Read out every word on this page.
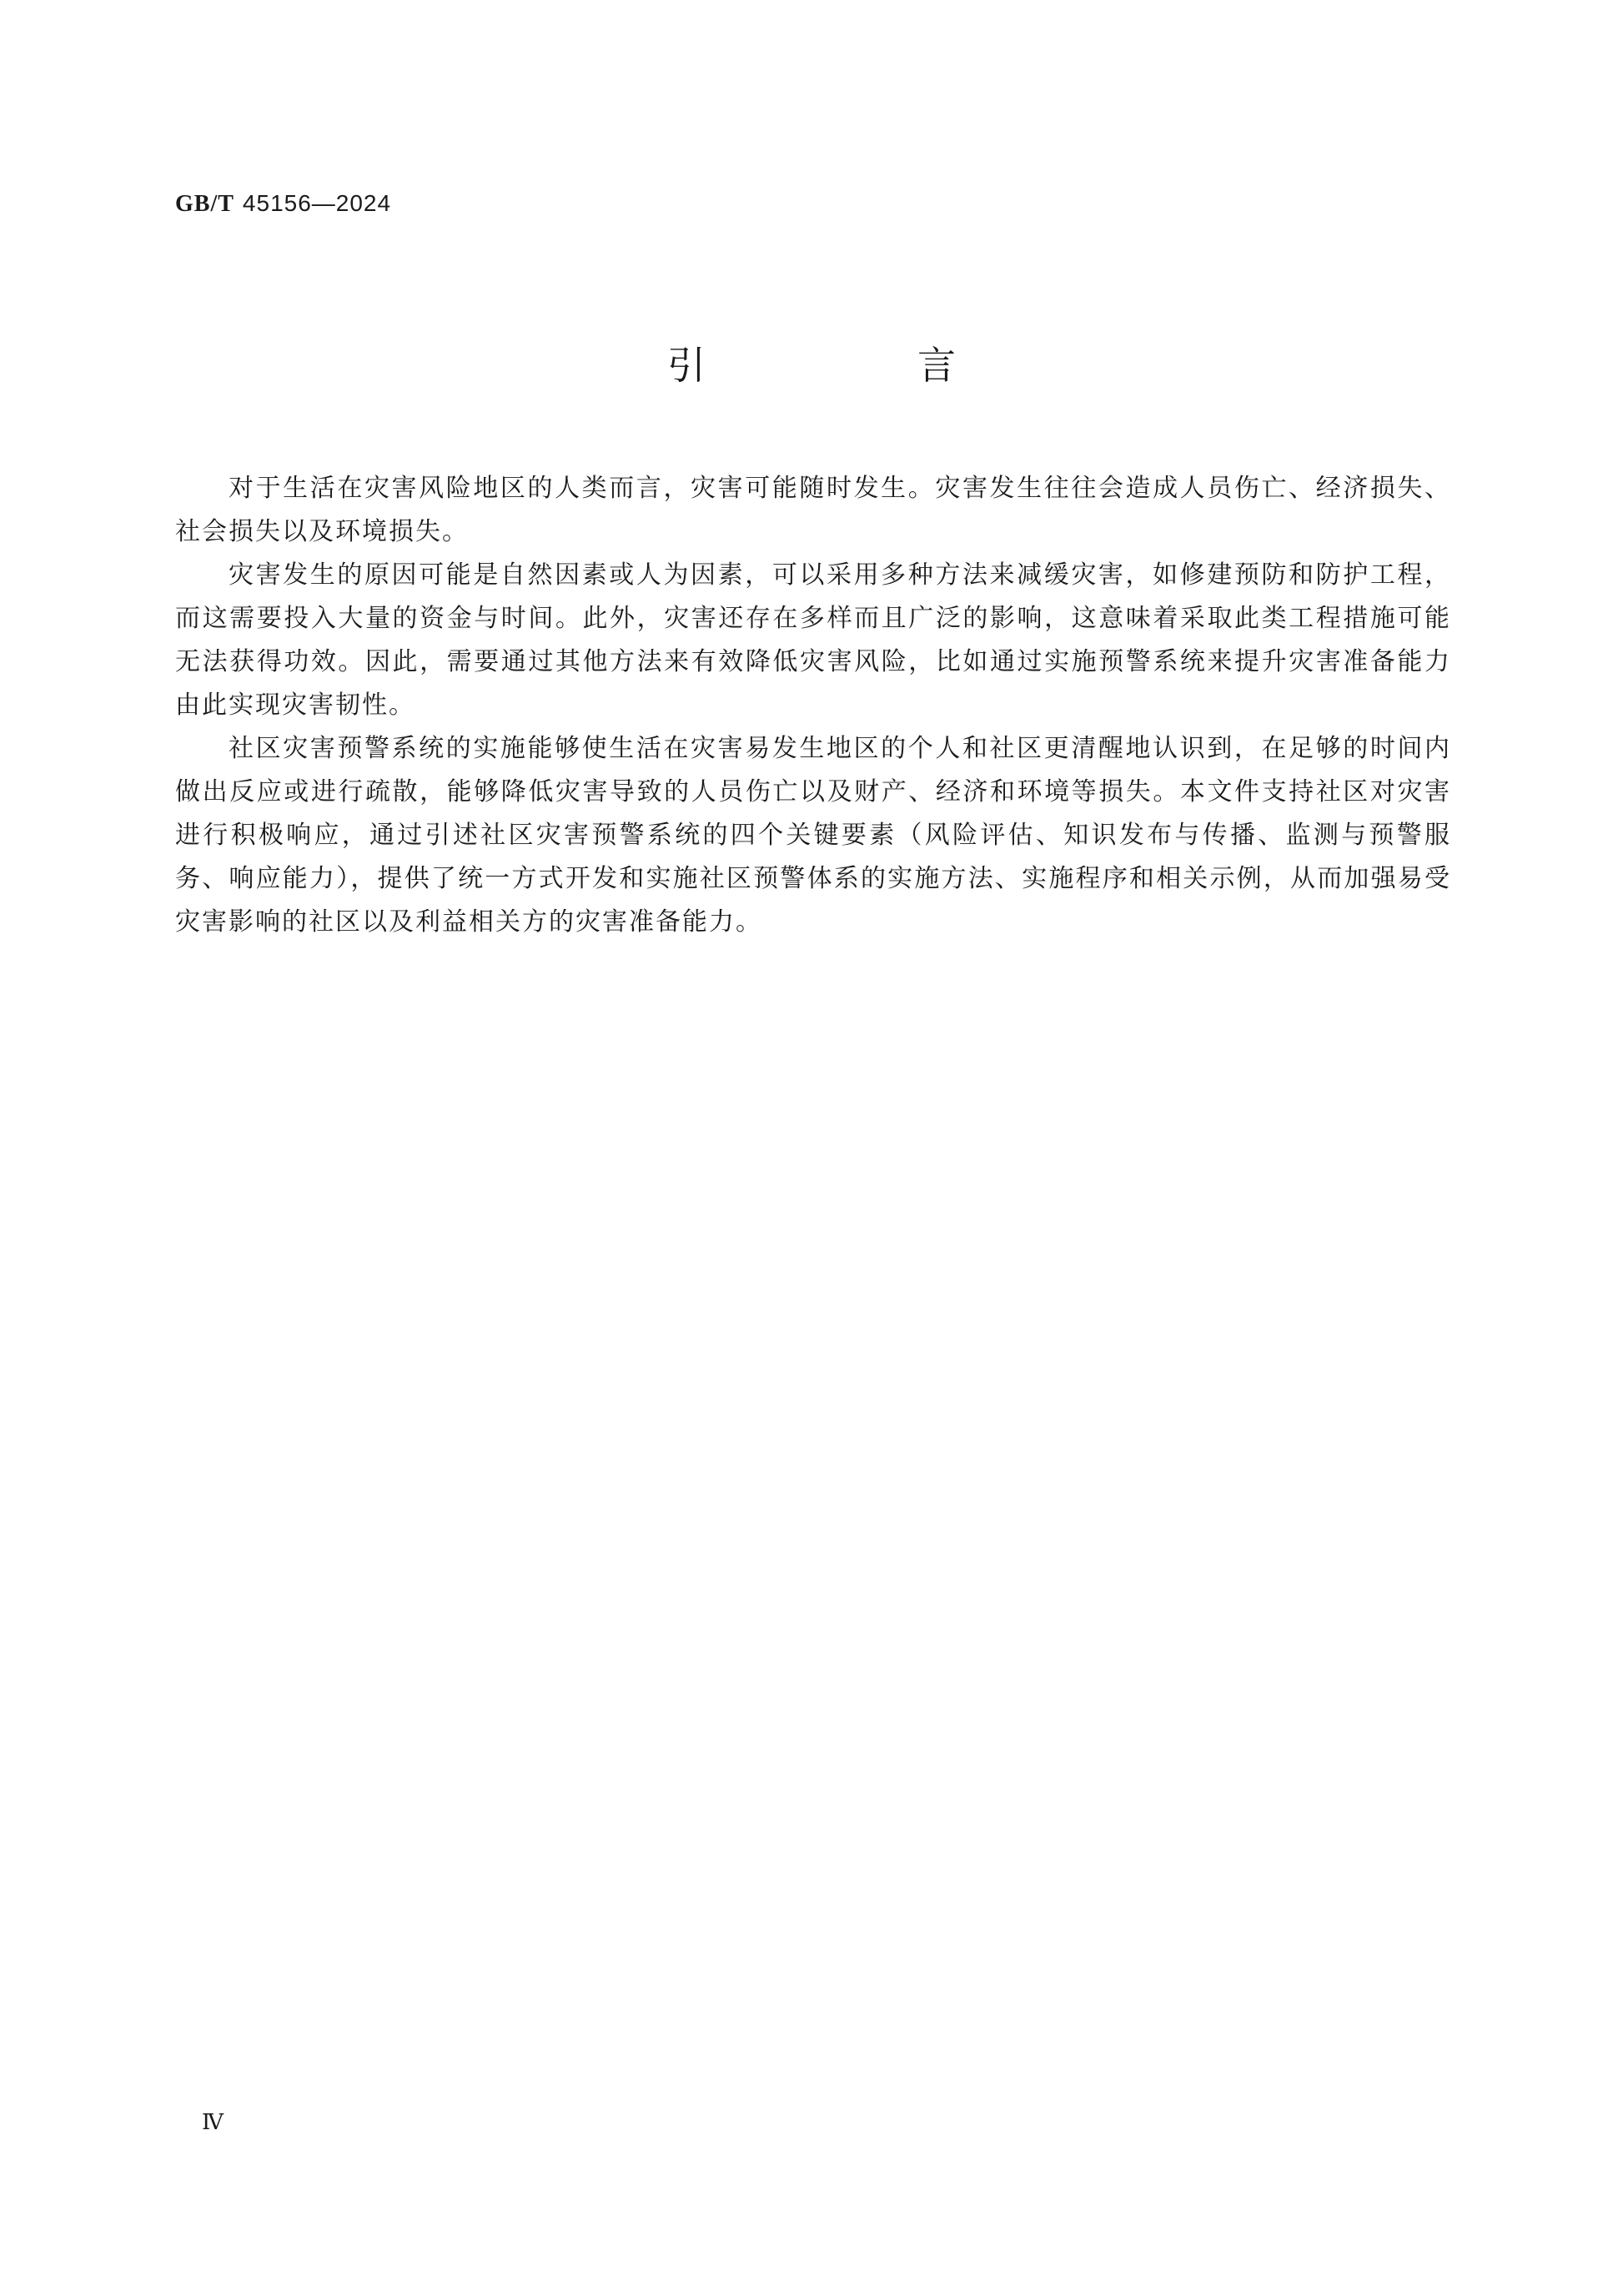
GB/T 45156—2024
引　言

对于生活在灾害风险地区的人类而言，灾害可能随时发生。灾害发生往往会造成人员伤亡、经济损失、社会损失以及环境损失。

灾害发生的原因可能是自然因素或人为因素，可以采用多种方法来减缓灾害，如修建预防和防护工程，而这需要投入大量的资金与时间。此外，灾害还存在多样而且广泛的影响，这意味着采取此类工程措施可能无法获得功效。因此，需要通过其他方法来有效降低灾害风险，比如通过实施预警系统来提升灾害准备能力由此实现灾害韧性。

社区灾害预警系统的实施能够使生活在灾害易发生地区的个人和社区更清醒地认识到，在足够的时间内做出反应或进行疏散，能够降低灾害导致的人员伤亡以及财产、经济和环境等损失。本文件支持社区对灾害进行积极响应，通过引述社区灾害预警系统的四个关键要素（风险评估、知识发布与传播、监测与预警服务、响应能力），提供了统一方式开发和实施社区预警体系的实施方法、实施程序和相关示例，从而加强易受灾害影响的社区以及利益相关方的灾害准备能力。

Ⅳ
